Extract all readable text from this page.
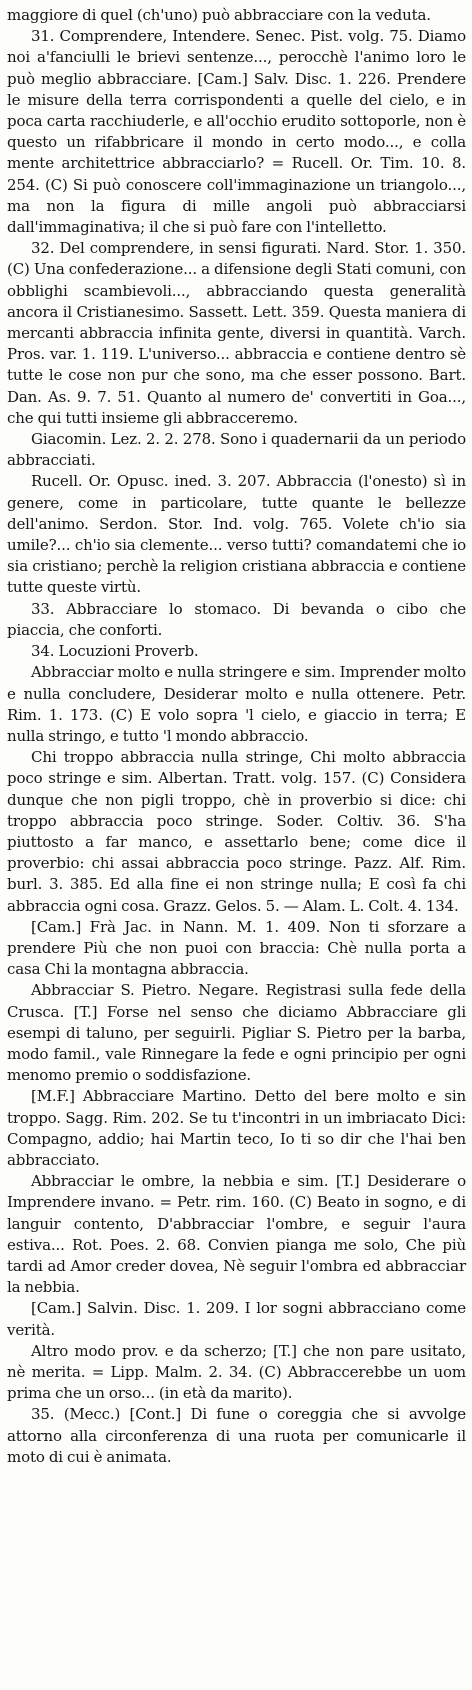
maggiore di quel (ch'uno) può abbracciare con la veduta.

31. Comprendere, Intendere. Senec. Pist. volg. 75. Diamo noi a'fanciulli le brievi sentenze..., perocchè l'animo loro le può meglio abbracciare. [Cam.] Salv. Disc. 1. 226. Prendere le misure della terra corrispondenti a quelle del cielo, e in poca carta racchiuderle, e all'occhio erudito sottoporle, non è questo un rifabbricare il mondo in certo modo..., e colla mente architettrice abbracciarlo? = Rucell. Or. Tim. 10. 8. 254. (C) Si può conoscere coll'immaginazione un triangolo..., ma non la figura di mille angoli può abbracciarsi dall'immaginativa; il che si può fare con l'intelletto.

32. Del comprendere, in sensi figurati. Nard. Stor. 1. 350. (C) Una confederazione... a difensione degli Stati comuni, con obblighi scambievoli..., abbracciando questa generalità ancora il Cristianesimo. Sassett. Lett. 359. Questa maniera di mercanti abbraccia infinita gente, diversi in quantità. Varch. Pros. var. 1. 119. L'universo... abbraccia e contiene dentro sè tutte le cose non pur che sono, ma che esser possono. Bart. Dan. As. 9. 7. 51. Quanto al numero de' convertiti in Goa..., che qui tutti insieme gli abbracceremo.

Giacomin. Lez. 2. 2. 278. Sono i quadernarii da un periodo abbracciati.

Rucell. Or. Opusc. ined. 3. 207. Abbraccia (l'onesto) sì in genere, come in particolare, tutte quante le bellezze dell'animo. Serdon. Stor. Ind. volg. 765. Volete ch'io sia umile?... ch'io sia clemente... verso tutti? comandatemi che io sia cristiano; perchè la religion cristiana abbraccia e contiene tutte queste virtù.

33. Abbracciare lo stomaco. Di bevanda o cibo che piaccia, che conforti.

34. Locuzioni Proverb.

Abbracciar molto e nulla stringere e sim. Imprender molto e nulla concludere, Desiderar molto e nulla ottenere. Petr. Rim. 1. 173. (C) E volo sopra 'l cielo, e giaccio in terra; E nulla stringo, e tutto 'l mondo abbraccio.

Chi troppo abbraccia nulla stringe, Chi molto abbraccia poco stringe e sim. Albertan. Tratt. volg. 157. (C) Considera dunque che non pigli troppo, chè in proverbio si dice: chi troppo abbraccia poco stringe. Soder. Coltiv. 36. S'ha piuttosto a far manco, e assettarlo bene; come dice il proverbio: chi assai abbraccia poco stringe. Pazz. Alf. Rim. burl. 3. 385. Ed alla fine ei non stringe nulla; E così fa chi abbraccia ogni cosa. Grazz. Gelos. 5. — Alam. L. Colt. 4. 134.

[Cam.] Frà Jac. in Nann. M. 1. 409. Non ti sforzare a prendere Più che non puoi con braccia: Chè nulla porta a casa Chi la montagna abbraccia.

Abbracciar S. Pietro. Negare. Registrasi sulla fede della Crusca. [T.] Forse nel senso che diciamo Abbracciare gli esempi di taluno, per seguirli. Pigliar S. Pietro per la barba, modo famil., vale Rinnegare la fede e ogni principio per ogni menomo premio o soddisfazione.

[M.F.] Abbracciare Martino. Detto del bere molto e sin troppo. Sagg. Rim. 202. Se tu t'incontri in un imbriacato Dici: Compagno, addio; hai Martin teco, Io ti so dir che l'hai ben abbracciato.

Abbracciar le ombre, la nebbia e sim. [T.] Desiderare o Imprendere invano. = Petr. rim. 160. (C) Beato in sogno, e di languir contento, D'abbracciar l'ombre, e seguir l'aura estiva... Rot. Poes. 2. 68. Convien pianga me solo, Che più tardi ad Amor creder dovea, Nè seguir l'ombra ed abbracciar la nebbia.

[Cam.] Salvin. Disc. 1. 209. I lor sogni abbracciano come verità.

Altro modo prov. e da scherzo; [T.] che non pare usitato, nè merita. = Lipp. Malm. 2. 34. (C) Abbraccerebbe un uom prima che un orso... (in età da marito).

35. (Mecc.) [Cont.] Di fune o coreggia che si avvolge attorno alla circonferenza di una ruota per comunicarle il moto di cui è animata.
